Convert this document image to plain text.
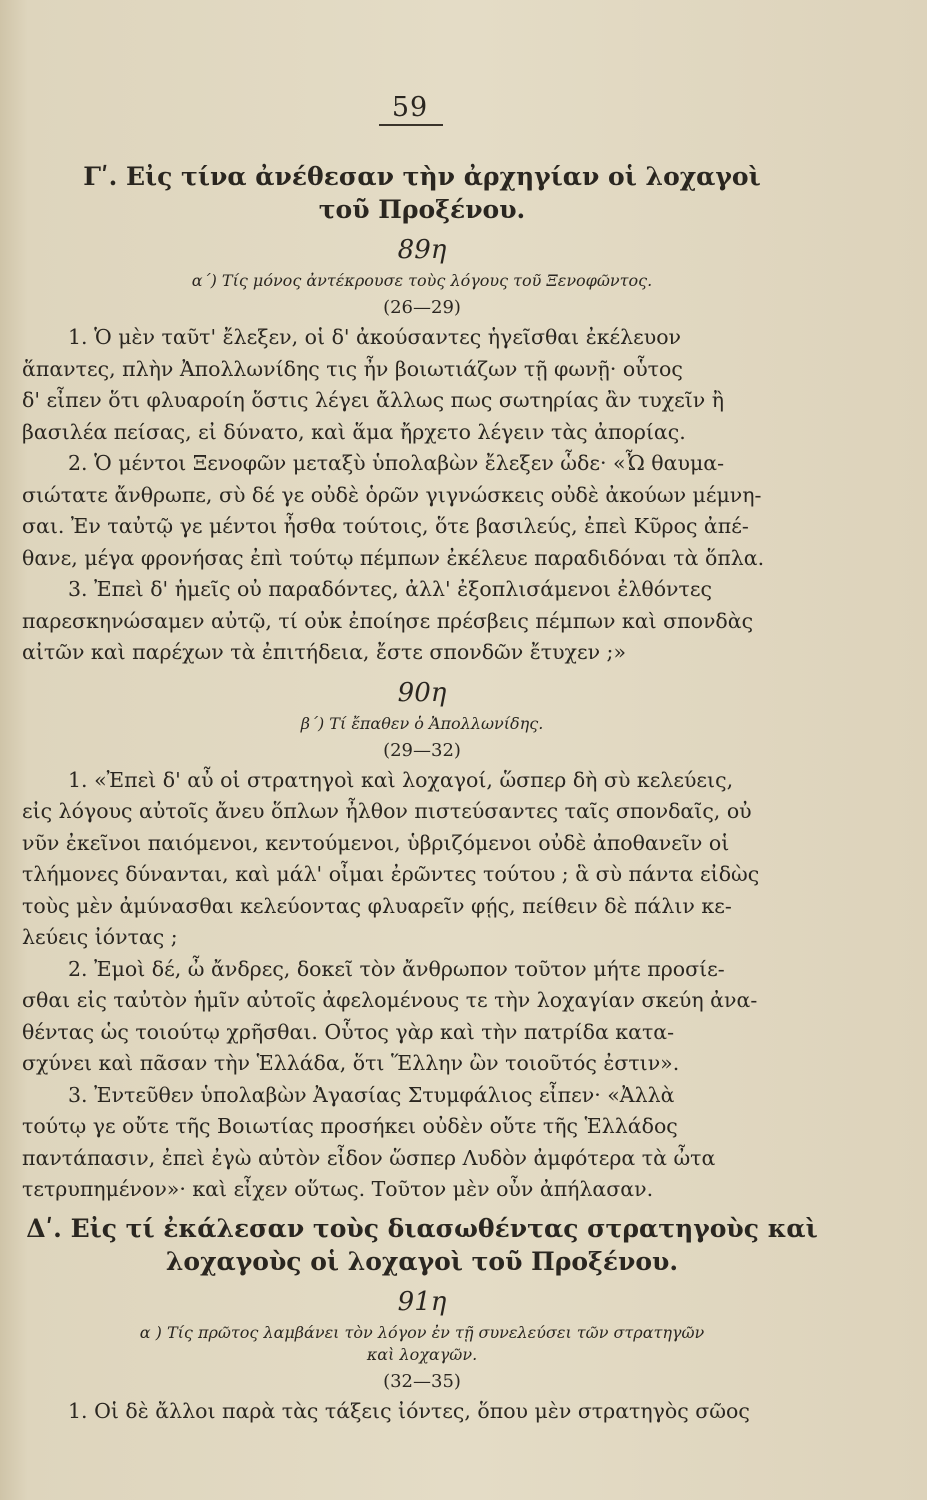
59
Γʹ. Εἰς τίνα ἀνέθεσαν τὴν ἀρχηγίαν οἱ λοχαγοὶ
τοῦ Προξένου.
89η
α΄) Τίς μόνος ἀντέκρουσε τοὺς λόγους τοῦ Ξενοφῶντος.
(26—29)

1. Ὁ μὲν ταῦτ' ἔλεξεν, οἱ δ' ἀκούσαντες ἡγεῖσθαι ἐκέλευον
ἅπαντες, πλὴν Ἀπολλωνίδης τις ἦν βοιωτιάζων τῇ φωνῇ· οὗτος
δ' εἶπεν ὅτι φλυαροίη ὅστις λέγει ἄλλως πως σωτηρίας ἂν τυχεῖν ἢ
βασιλέα πείσας, εἰ δύνατο, καὶ ἅμα ἤρχετο λέγειν τὰς ἀπορίας.

2. Ὁ μέντοι Ξενοφῶν μεταξὺ ὑπολαβὼν ἔλεξεν ὧδε· «Ὦ θαυμα-
σιώτατε ἄνθρωπε, σὺ δέ γε οὐδὲ ὁρῶν γιγνώσκεις οὐδὲ ἀκούων μέμνη-
σαι. Ἐν ταὐτῷ γε μέντοι ἦσθα τούτοις, ὅτε βασιλεύς, ἐπεὶ Κῦρος ἀπέ-
θανε, μέγα φρονήσας ἐπὶ τούτῳ πέμπων ἐκέλευε παραδιδόναι τὰ ὅπλα.

3. Ἐπεὶ δ' ἡμεῖς οὐ παραδόντες, ἀλλ' ἐξοπλισάμενοι ἐλθόντες
παρεσκηνώσαμεν αὐτῷ, τί οὐκ ἐποίησε πρέσβεις πέμπων καὶ σπονδὰς
αἰτῶν καὶ παρέχων τὰ ἐπιτήδεια, ἔστε σπονδῶν ἔτυχεν ;»

90η
β΄) Τί ἔπαθεν ὁ Ἀπολλωνίδης.
(29—32)

1. «Ἐπεὶ δ' αὖ οἱ στρατηγοὶ καὶ λοχαγοί, ὥσπερ δὴ σὺ κελεύεις,
εἰς λόγους αὐτοῖς ἄνευ ὅπλων ἦλθον πιστεύσαντες ταῖς σπονδαῖς, οὐ
νῦν ἐκεῖνοι παιόμενοι, κεντούμενοι, ὑβριζόμενοι οὐδὲ ἀποθανεῖν οἱ
τλήμονες δύνανται, καὶ μάλ' οἶμαι ἐρῶντες τούτου ; ἃ σὺ πάντα εἰδὼς
τοὺς μὲν ἀμύνασθαι κελεύοντας φλυαρεῖν φῄς, πείθειν δὲ πάλιν κε-
λεύεις ἰόντας ;

2. Ἐμοὶ δέ, ὦ ἄνδρες, δοκεῖ τὸν ἄνθρωπον τοῦτον μήτε προσίε-
σθαι εἰς ταὐτὸν ἡμῖν αὐτοῖς ἀφελομένους τε τὴν λοχαγίαν σκεύη ἀνα-
θέντας ὡς τοιούτῳ χρῆσθαι. Οὗτος γὰρ καὶ τὴν πατρίδα κατα-
σχύνει καὶ πᾶσαν τὴν Ἑλλάδα, ὅτι Ἕλλην ὢν τοιοῦτός ἐστιν».

3. Ἐντεῦθεν ὑπολαβὼν Ἀγασίας Στυμφάλιος εἶπεν· «Ἀλλὰ
τούτῳ γε οὔτε τῆς Βοιωτίας προσήκει οὐδὲν οὔτε τῆς Ἑλλάδος
παντάπασιν, ἐπεὶ ἐγὼ αὐτὸν εἶδον ὥσπερ Λυδὸν ἀμφότερα τὰ ὦτα
τετρυπημένον»· καὶ εἶχεν οὕτως. Τοῦτον μὲν οὖν ἀπήλασαν.

Δʹ. Εἰς τί ἐκάλεσαν τοὺς διασωθέντας στρατηγοὺς καὶ
λοχαγοὺς οἱ λοχαγοὶ τοῦ Προξένου.
91η
α ) Τίς πρῶτος λαμβάνει τὸν λόγον ἐν τῇ συνελεύσει τῶν στρατηγῶν
καὶ λοχαγῶν.
(32—35)

1. Οἱ δὲ ἄλλοι παρὰ τὰς τάξεις ἰόντες, ὅπου μὲν στρατηγὸς σῶος
